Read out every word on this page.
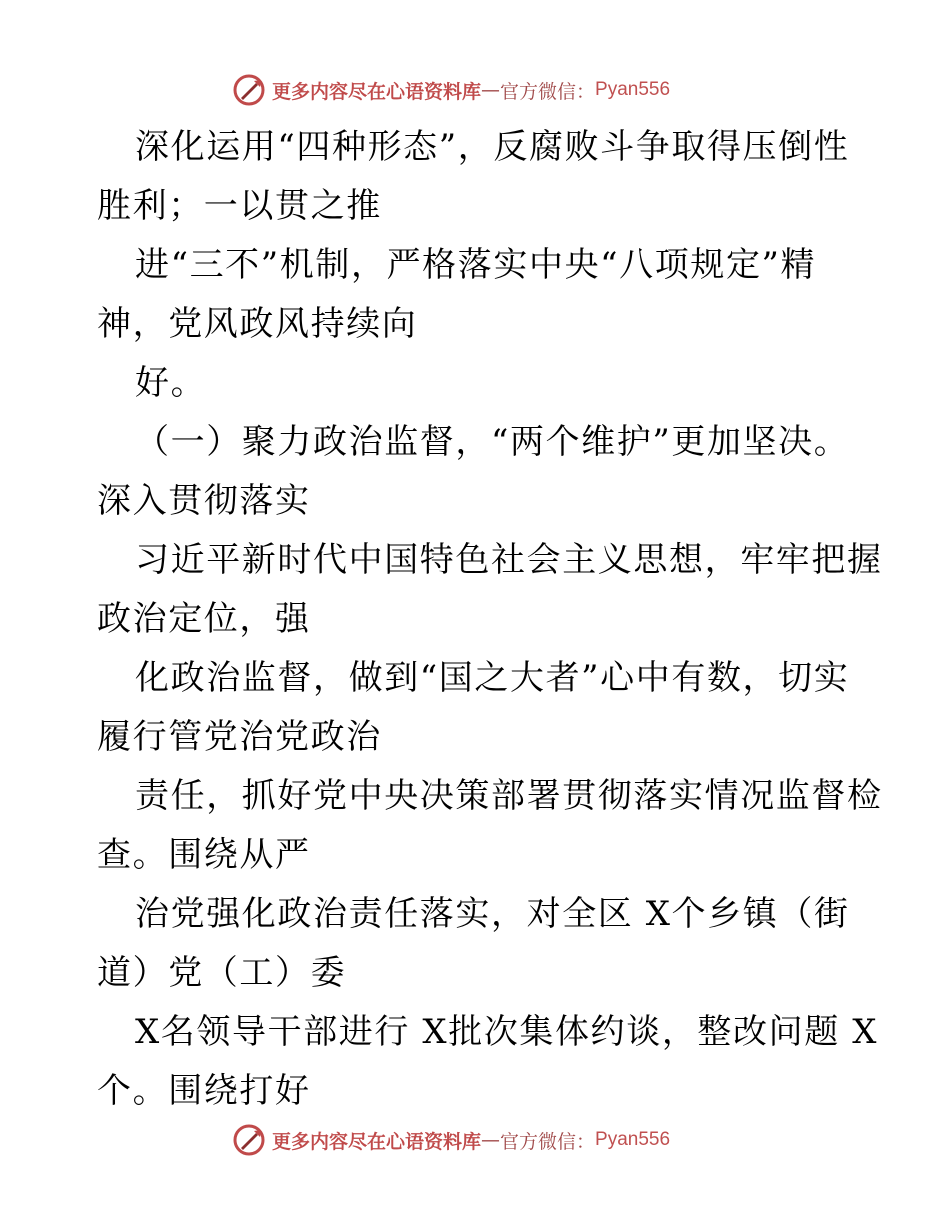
更多内容尽在心语资料库 — 官方微信： Pyan556
深化运用“四种形态”，反腐败斗争取得压倒性
胜利；一以贯之推
进“三不”机制，严格落实中央“八项规定”精
神，党风政风持续向
好。
（一）聚力政治监督，“两个维护”更加坚决。
深入贯彻落实
习近平新时代中国特色社会主义思想，牢牢把握
政治定位，强
化政治监督，做到“国之大者”心中有数，切实
履行管党治党政治
责任，抓好党中央决策部署贯彻落实情况监督检
查。围绕从严
治党强化政治责任落实，对全区 X个乡镇（街
道）党（工）委
X名领导干部进行 X批次集体约谈，整改问题 X
个。围绕打好
更多内容尽在心语资料库 — 官方微信： Pyan556
